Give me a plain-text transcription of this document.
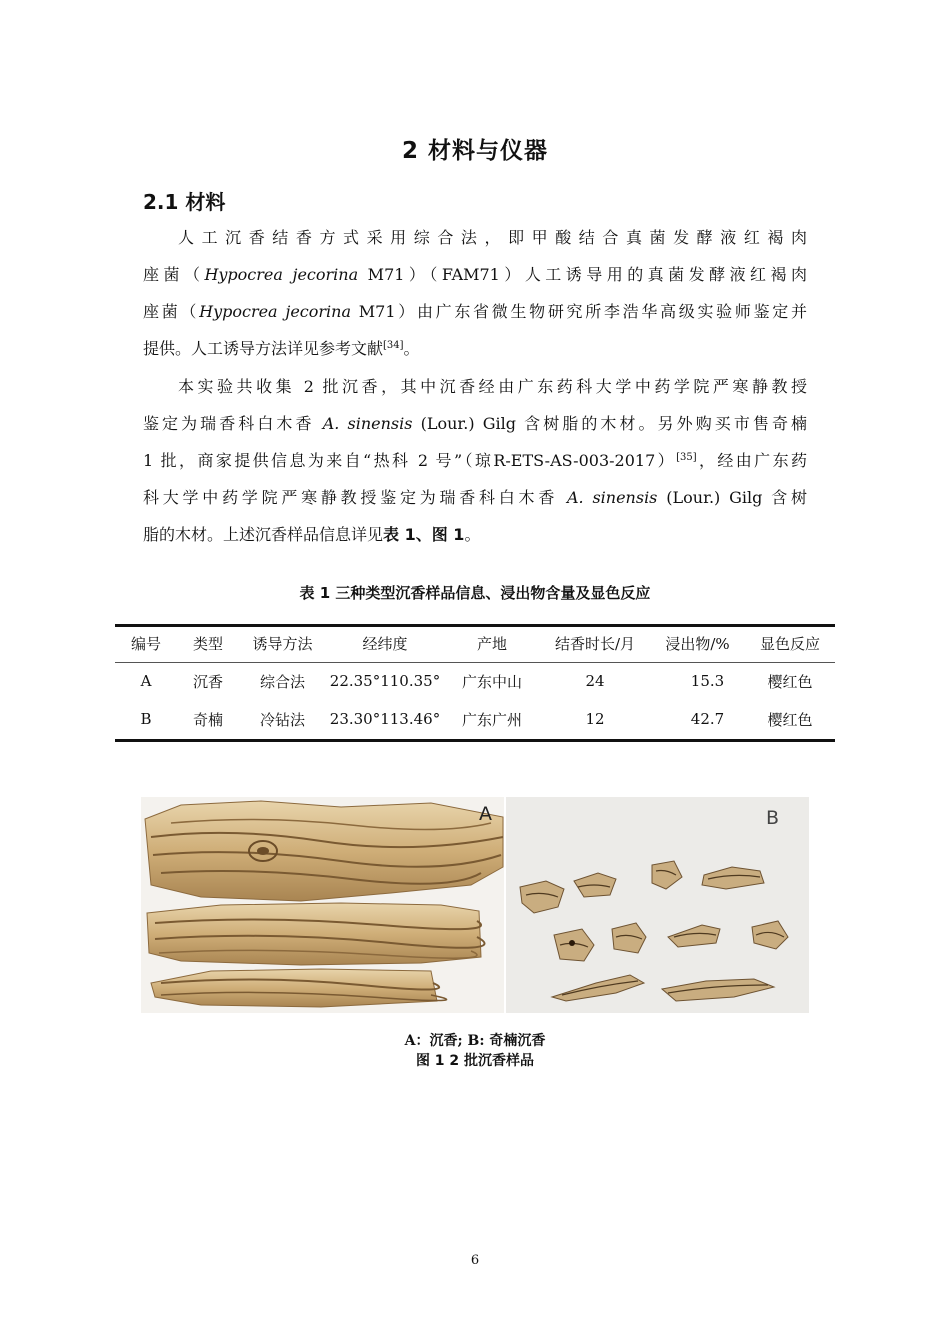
2 材料与仪器
2.1 材料
人工沉香结香方式采用综合法，即甲酸结合真菌发酵液红褐肉
座菌（Hypocrea jecorina M71）（FAM71）人工诱导用的真菌发酵液红褐肉
座菌（Hypocrea jecorina M71）由广东省微生物研究所李浩华高级实验师鉴定并
提供。人工诱导方法详见参考文献[34]。
本实验共收集 2 批沉香，其中沉香经由广东药科大学中药学院严寒静教授
鉴定为瑞香科白木香 A. sinensis (Lour.) Gilg 含树脂的木材。另外购买市售奇楠
1 批，商家提供信息为来自“热科 2 号”（琼R-ETS-AS-003-2017）[35]，经由广东药
科大学中药学院严寒静教授鉴定为瑞香科白木香 A. sinensis (Lour.) Gilg 含树
脂的木材。上述沉香样品信息详见表 1、图 1。
表 1 三种类型沉香样品信息、浸出物含量及显色反应
编号	类型	诱导方法	经纬度	产地	结香时长/月	浸出物/%	显色反应
A	沉香	综合法	22.35°110.35°	广东中山	24	15.3	樱红色
B	奇楠	冷钻法	23.30°113.46°	广东广州	12	42.7	樱红色
A	B
A：沉香; B: 奇楠沉香
图 1 2 批沉香样品
6
